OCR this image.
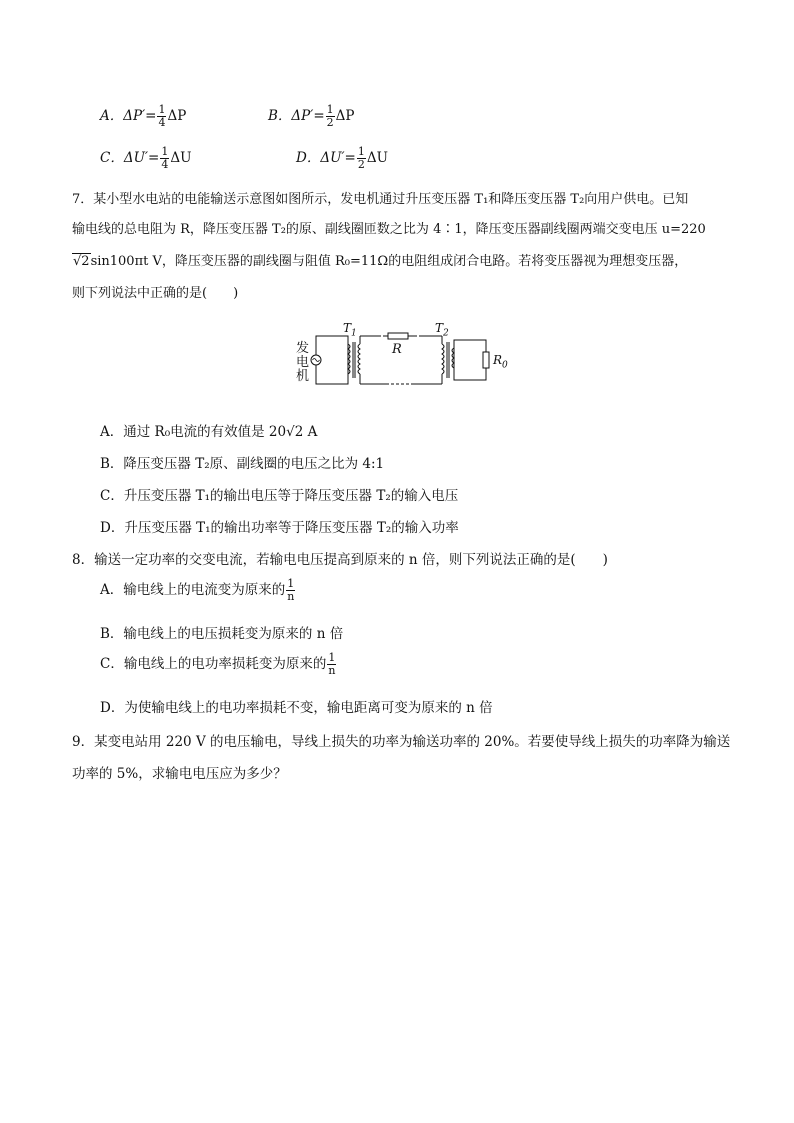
A．$\Delta P'= \frac{1}{4}$ ΔP	B．$\Delta P'= \frac{1}{2}$ ΔP
C．$\Delta U'= \frac{1}{4}$ ΔU	D．$\Delta U'= \frac{1}{2}$ ΔU
7．某小型水电站的电能输送示意图如图所示，发电机通过升压变压器 T₁和降压变压器 T₂向用户供电。已知
输电线的总电阻为 R，降压变压器 T₂的原、副线圈匝数之比为 4∶1，降压变压器副线圈两端交变电压 u=220
√2sin100πt V，降压变压器的副线圈与阻值 R₀=11Ω的电阻组成闭合电路。若将变压器视为理想变压器，
则下列说法中正确的是(　　)
发
电
机
$T_1$
R
$T_2$
$R_0$
A．通过 R₀电流的有效值是 20√2 A
B．降压变压器 T₂原、副线圈的电压之比为 4:1
C．升压变压器 T₁的输出电压等于降压变压器 T₂的输入电压
D．升压变压器 T₁的输出功率等于降压变压器 T₂的输入功率
8．输送一定功率的交变电流，若输电电压提高到原来的 n 倍，则下列说法正确的是(　　)
A．输电线上的电流变为原来的 $\frac{1}{n}$
B．输电线上的电压损耗变为原来的 n 倍
C．输电线上的电功率损耗变为原来的 $\frac{1}{n}$
D．为使输电线上的电功率损耗不变，输电距离可变为原来的 n 倍
9．某变电站用 220 V 的电压输电，导线上损失的功率为输送功率的 20%。若要使导线上损失的功率降为输送
功率的 5%，求输电电压应为多少？
